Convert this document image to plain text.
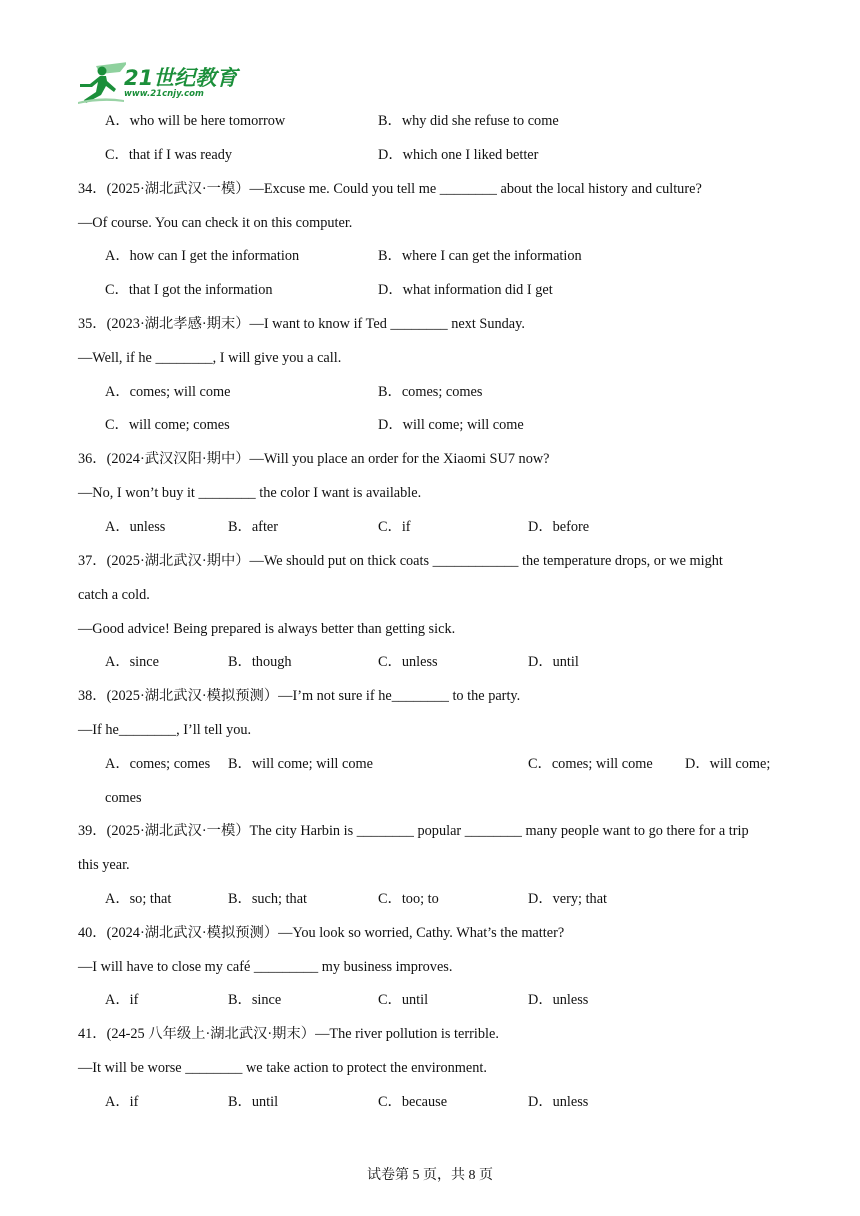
21世纪教育
www.21cnjy.com
A．who will be here tomorrow	B．why did she refuse to come
C．that if I was ready	D．which one I liked better
34．(2025·湖北武汉·一模）—Excuse me. Could you tell me ________ about the local history and culture?
—Of course. You can check it on this computer.
A．how can I get the information	B．where I can get the information
C．that I got the information	D．what information did I get
35．(2023·湖北孝感·期末）—I want to know if Ted ________ next Sunday.
—Well, if he ________, I will give you a call.
A．comes; will come	B．comes; comes
C．will come; comes	D．will come; will come
36．(2024·武汉汉阳·期中）—Will you place an order for the Xiaomi SU7 now?
—No, I won’t buy it ________ the color I want is available.
A．unless	B．after	C．if	D．before
37．(2025·湖北武汉·期中）—We should put on thick coats ____________ the temperature drops, or we might
catch a cold.
—Good advice! Being prepared is always better than getting sick.
A．since	B．though	C．unless	D．until
38．(2025·湖北武汉·模拟预测）—I’m not sure if he________ to the party.
—If he________, I’ll tell you.
A．comes; comes B．will come; will come	C．comes; will come D．will come;
comes
39．(2025·湖北武汉·一模）The city Harbin is ________ popular ________ many people want to go there for a trip
this year.
A．so; that	B．such; that	C．too; to	D．very; that
40．(2024·湖北武汉·模拟预测）—You look so worried, Cathy. What’s the matter?
—I will have to close my café _________ my business improves.
A．if	B．since	C．until	D．unless
41．(24-25 八年级上·湖北武汉·期末）—The river pollution is terrible.
—It will be worse ________ we take action to protect the environment.
A．if	B．until	C．because	D．unless
试卷第 5 页，共 8 页
